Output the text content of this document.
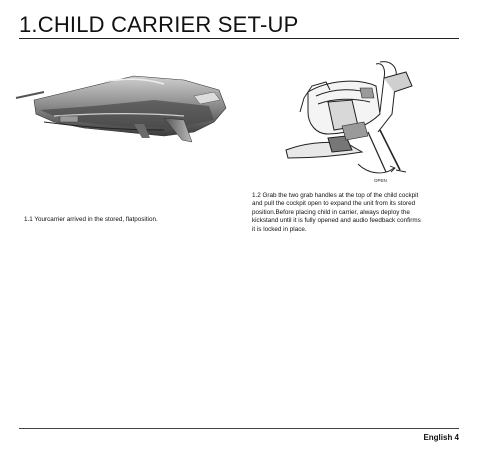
1.CHILD CARRIER SET-UP
OPEN
1.2 Grab the two grab handles at the top of the child cockpit
and pull the cockpit open to expand the unit from its stored
position.Before placing child in carrier, always deploy the
kickstand until it is fully opened and audio feedback confirms
it is locked in place.
1.1 Yourcarrier arrived in the stored, flatposition.
English 4
